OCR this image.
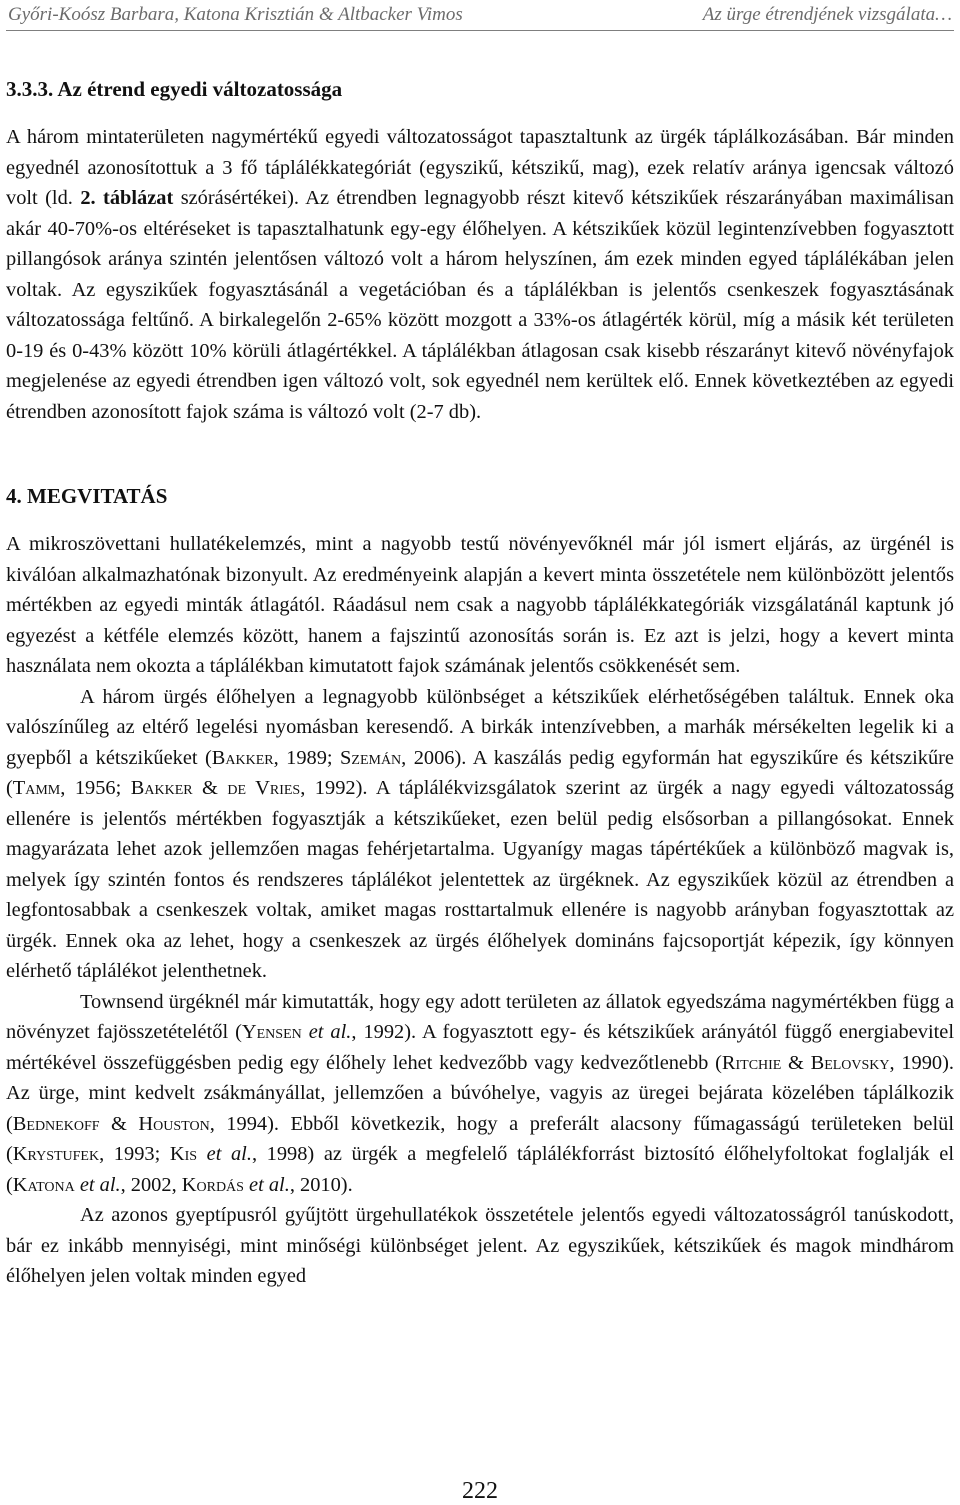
Győri-Koósz Barbara, Katona Krisztián & Altbacker Vimos	Az ürge étrendjének vizsgálata…
3.3.3. Az étrend egyedi változatossága

A három mintaterületen nagymértékű egyedi változatosságot tapasztaltunk az ürgék táplálkozásában. Bár minden egyednél azonosítottuk a 3 fő táplálékkategóriát (egyszikű, kétszikű, mag), ezek relatív aránya igencsak változó volt (ld. 2. táblázat szórásértékei). Az étrendben legnagyobb részt kitevő kétszikűek részarányában maximálisan akár 40-70%-os eltéréseket is tapasztalhatunk egy-egy élőhelyen. A kétszikűek közül legintenzívebben fogyasztott pillangósok aránya szintén jelentősen változó volt a három helyszínen, ám ezek minden egyed táplálékában jelen voltak. Az egyszikűek fogyasztásánál a vegetációban és a táplálékban is jelentős csenkeszek fogyasztásának változatossága feltűnő. A birkalegelőn 2-65% között mozgott a 33%-os átlagérték körül, míg a másik két területen 0-19 és 0-43% között 10% körüli átlagértékkel. A táplálékban átlagosan csak kisebb részarányt kitevő növényfajok megjelenése az egyedi étrendben igen változó volt, sok egyednél nem kerültek elő. Ennek következtében az egyedi étrendben azonosított fajok száma is változó volt (2-7 db).

4. MEGVITATÁS

A mikroszövettani hullatékelemzés, mint a nagyobb testű növényevőknél már jól ismert eljárás, az ürgénél is kiválóan alkalmazhatónak bizonyult. Az eredményeink alapján a kevert minta összetétele nem különbözött jelentős mértékben az egyedi minták átlagától. Ráadásul nem csak a nagyobb táplálékkategóriák vizsgálatánál kaptunk jó egyezést a kétféle elemzés között, hanem a fajszintű azonosítás során is. Ez azt is jelzi, hogy a kevert minta használata nem okozta a táplálékban kimutatott fajok számának jelentős csökkenését sem.

A három ürgés élőhelyen a legnagyobb különbséget a kétszikűek elérhetőségében találtuk. Ennek oka valószínűleg az eltérő legelési nyomásban keresendő. A birkák intenzívebben, a marhák mérsékelten legelik ki a gyepből a kétszikűeket (Bakker, 1989; Szemán, 2006). A kaszálás pedig egyformán hat egyszikűre és kétszikűre (Tamm, 1956; Bakker & de Vries, 1992). A táplálékvizsgálatok szerint az ürgék a nagy egyedi változatosság ellenére is jelentős mértékben fogyasztják a kétszikűeket, ezen belül pedig elsősorban a pillangósokat. Ennek magyarázata lehet azok jellemzően magas fehérjetartalma. Ugyanígy magas tápértékűek a különböző magvak is, melyek így szintén fontos és rendszeres táplálékot jelentettek az ürgéknek. Az egyszikűek közül az étrendben a legfontosabbak a csenkeszek voltak, amiket magas rosttartalmuk ellenére is nagyobb arányban fogyasztottak az ürgék. Ennek oka az lehet, hogy a csenkeszek az ürgés élőhelyek domináns fajcsoportját képezik, így könnyen elérhető táplálékot jelenthetnek.

Townsend ürgéknél már kimutatták, hogy egy adott területen az állatok egyedszáma nagymértékben függ a növényzet fajösszetételétől (Yensen et al., 1992). A fogyasztott egy- és kétszikűek arányától függő energiabevitel mértékével összefüggésben pedig egy élőhely lehet kedvezőbb vagy kedvezőtlenebb (Ritchie & Belovsky, 1990). Az ürge, mint kedvelt zsákmányállat, jellemzően a búvóhelye, vagyis az üregei bejárata közelében táplálkozik (Bednekoff & Houston, 1994). Ebből következik, hogy a preferált alacsony fűmagasságú területeken belül (Krystufek, 1993; Kis et al., 1998) az ürgék a megfelelő táplálékforrást biztosító élőhelyfoltokat foglalják el (Katona et al., 2002, Kordás et al., 2010).

Az azonos gyeptípusról gyűjtött ürgehullatékok összetétele jelentős egyedi változatosságról tanúskodott, bár ez inkább mennyiségi, mint minőségi különbséget jelent. Az egyszikűek, kétszikűek és magok mindhárom élőhelyen jelen voltak minden egyed

222
